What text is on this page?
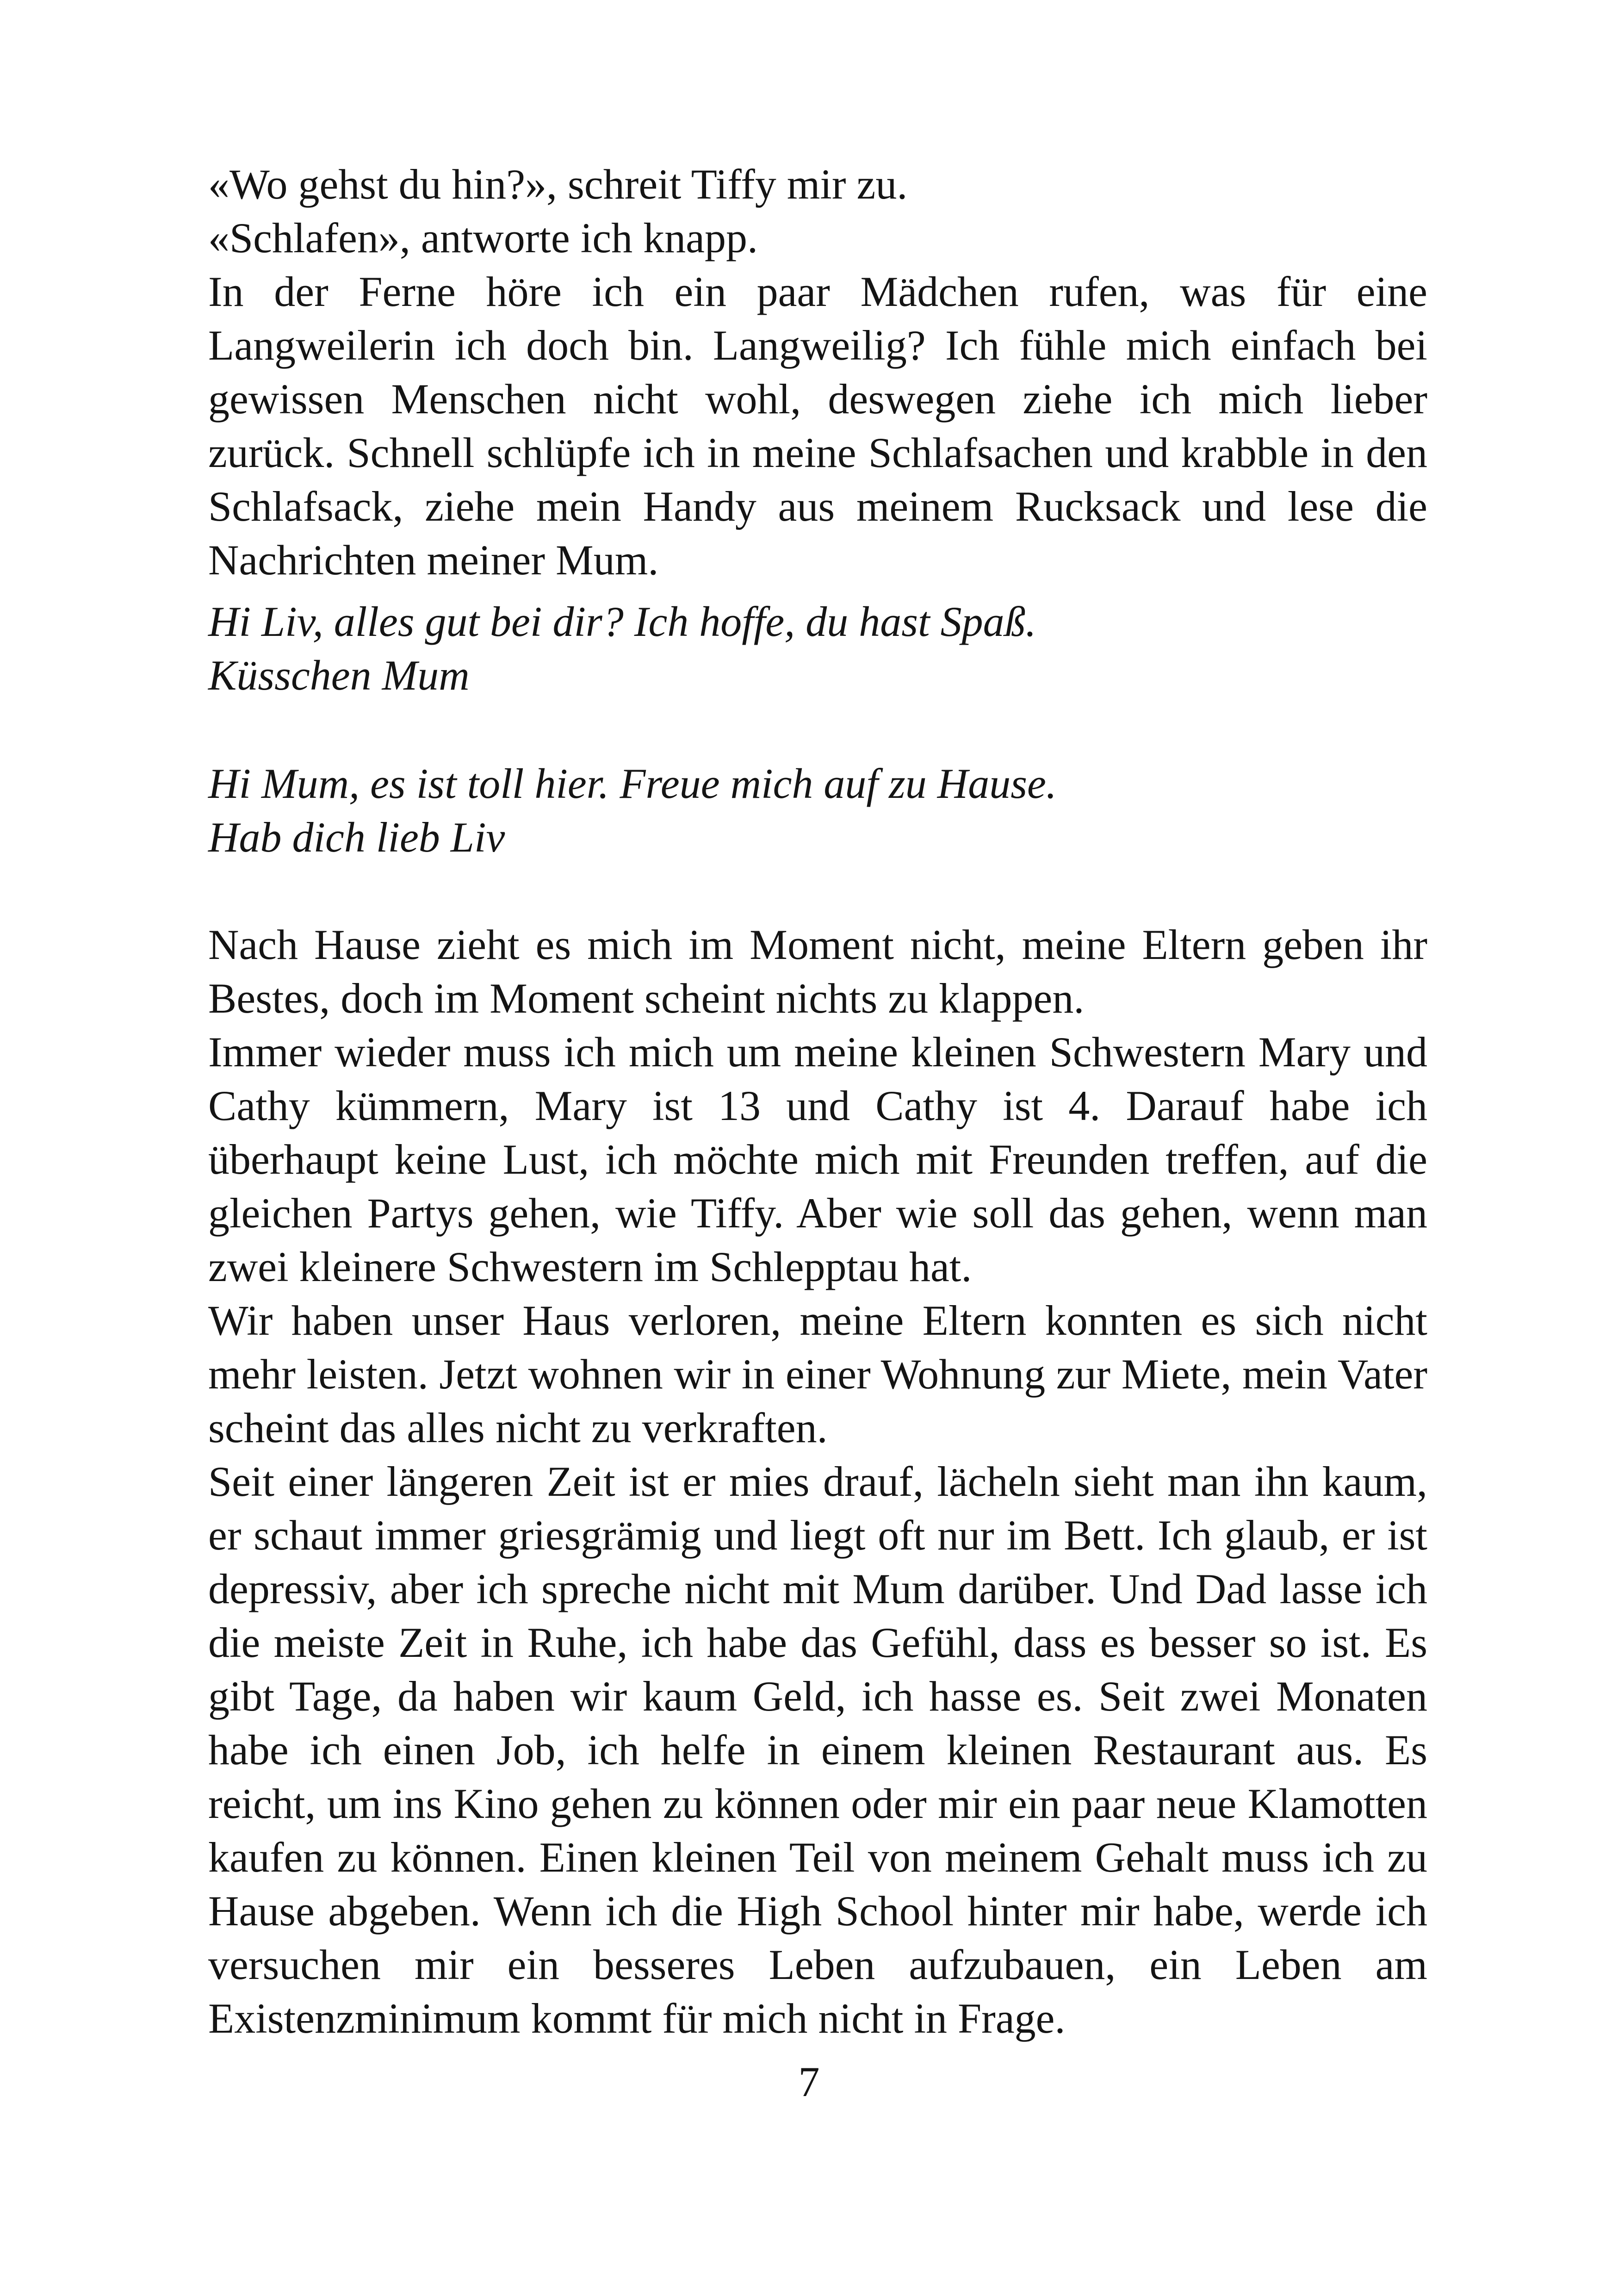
«Wo gehst du hin?», schreit Tiffy mir zu.

«Schlafen», antworte ich knapp.

In der Ferne höre ich ein paar Mädchen rufen, was für eine Langweilerin ich doch bin. Langweilig? Ich fühle mich einfach bei gewissen Menschen nicht wohl, deswegen ziehe ich mich lieber zurück. Schnell schlüpfe ich in meine Schlafsachen und krabble in den Schlafsack, ziehe mein Handy aus meinem Rucksack und lese die Nachrichten meiner Mum.

Hi Liv, alles gut bei dir? Ich hoffe, du hast Spaß.

Küsschen Mum

Hi Mum, es ist toll hier. Freue mich auf zu Hause.

Hab dich lieb Liv

Nach Hause zieht es mich im Moment nicht, meine Eltern geben ihr Bestes, doch im Moment scheint nichts zu klappen.

Immer wieder muss ich mich um meine kleinen Schwestern Mary und Cathy kümmern, Mary ist 13 und Cathy ist 4. Darauf habe ich überhaupt keine Lust, ich möchte mich mit Freunden treffen, auf die gleichen Partys gehen, wie Tiffy. Aber wie soll das gehen, wenn man zwei kleinere Schwestern im Schlepptau hat.

Wir haben unser Haus verloren, meine Eltern konnten es sich nicht mehr leisten. Jetzt wohnen wir in einer Wohnung zur Miete, mein Vater scheint das alles nicht zu verkraften.

Seit einer längeren Zeit ist er mies drauf, lächeln sieht man ihn kaum, er schaut immer griesgrämig und liegt oft nur im Bett. Ich glaub, er ist depressiv, aber ich spreche nicht mit Mum darüber. Und Dad lasse ich die meiste Zeit in Ruhe, ich habe das Gefühl, dass es besser so ist. Es gibt Tage, da haben wir kaum Geld, ich hasse es. Seit zwei Monaten habe ich einen Job, ich helfe in einem kleinen Restaurant aus. Es reicht, um ins Kino gehen zu können oder mir ein paar neue Klamotten kaufen zu können. Einen kleinen Teil von meinem Gehalt muss ich zu Hause abgeben. Wenn ich die High School hinter mir habe, werde ich versuchen mir ein besseres Leben aufzubauen, ein Leben am Existenzminimum kommt für mich nicht in Frage.

7
